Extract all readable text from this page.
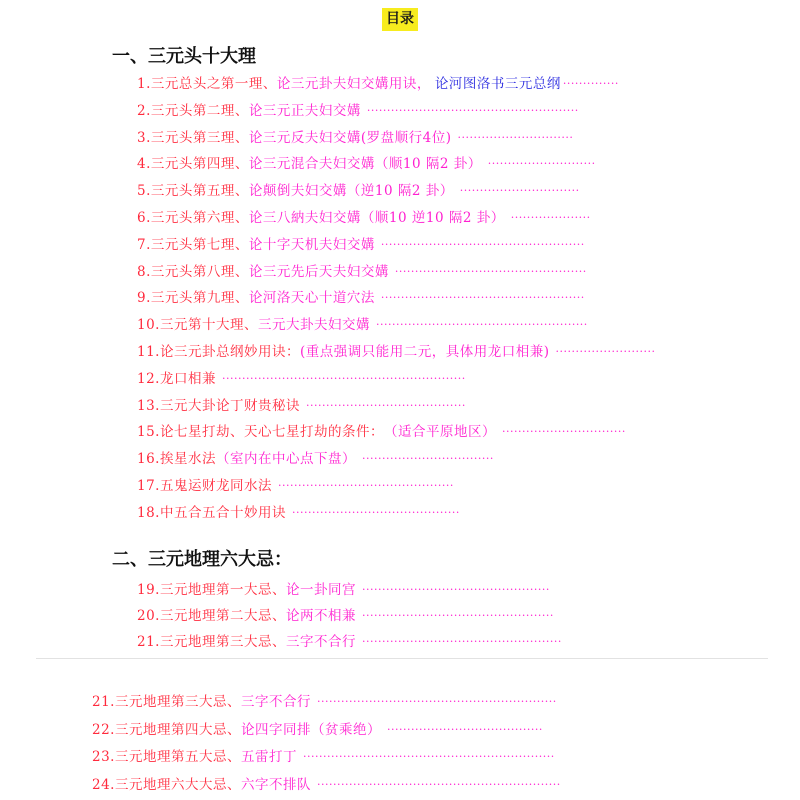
目录
一、三元头十大理
1. 三元总头之第一理、 论三元卦夫妇交媾用诀， 论河图洛书三元总纲 ··············
2. 三元头第二理、 论三元正夫妇交媾 ·····················································
3. 三元头第三理、 论三元反夫妇交媾(罗盘顺行4位) ·····························
4. 三元头第四理、 论三元混合夫妇交媾（顺10 隔2 卦） ···························
5. 三元头第五理、 论颠倒夫妇交媾（逆10 隔2 卦） ······························
6. 三元头第六理、 论三八納夫妇交媾（顺10 逆10 隔2 卦） ····················
7. 三元头第七理、 论十字天机夫妇交媾 ···················································
8. 三元头第八理、 论三元先后天夫妇交媾 ················································
9. 三元头第九理、 论河洛天心十道穴法 ···················································
10. 三元第十大理、 三元大卦夫妇交媾 ·····················································
11. 论三元卦总纲妙用诀： (重点强调只能用二元，具体用龙口相兼) ·························
12. 龙口相兼 ·····························································
13. 三元大卦论丁财贵秘诀 ········································
15. 论七星打劫、天心七星打劫的条件： （适合平原地区） ·······························
16. 挨星水法 （室内在中心点下盘） ·································
17. 五鬼运财龙同水法 ············································
18. 中五合五合十妙用诀 ··········································
二、三元地理六大忌：
19. 三元地理第一大忌、 论一卦同宫 ···············································
20. 三元地理第二大忌、 论两不相兼 ················································
21. 三元地理第三大忌、 三字不合行 ··················································
21. 三元地理第三大忌、 三字不合行 ····························································
22. 三元地理第四大忌、 论四字同排（贫乘绝） ·······································
23. 三元地理第五大忌、 五雷打丁 ·······························································
24. 三元地理六大大忌、 六字不排队 ·····························································
